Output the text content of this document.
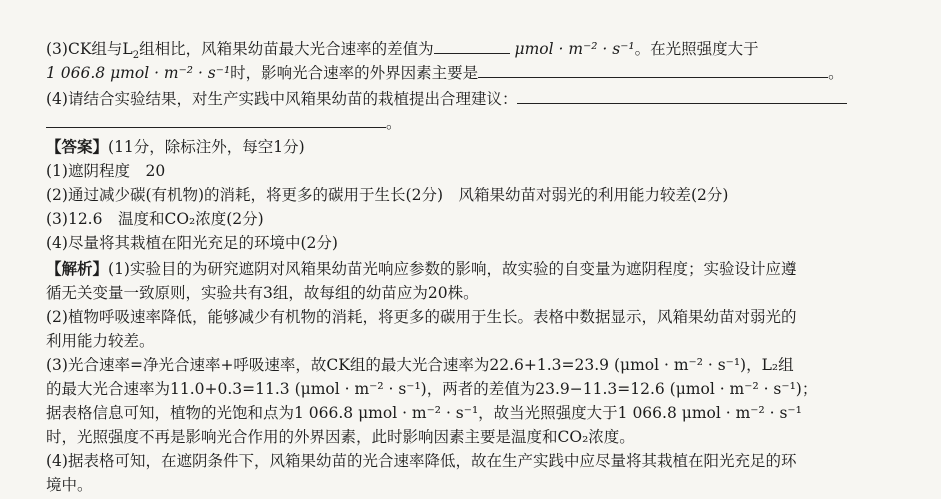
(3)CK组与$L_2$组相比，风箱果幼苗最大光合速率的差值为	μmol · m⁻² · s⁻¹。在光照强度大于
1 066.8 μmol · m⁻² · s⁻¹时，影响光合速率的外界因素主要是	。
(4)请结合实验结果，对生产实践中风箱果幼苗的栽植提出合理建议：
。
【答案】(11分，除标注外，每空1分)
(1)遮阴程度　20
(2)通过减少碳(有机物)的消耗，将更多的碳用于生长(2分)　风箱果幼苗对弱光的利用能力较差(2分)
(3)12.6　温度和CO₂浓度(2分)
(4)尽量将其栽植在阳光充足的环境中(2分)
【解析】(1)实验目的为研究遮阴对风箱果幼苗光响应参数的影响，故实验的自变量为遮阴程度；实验设计应遵
循无关变量一致原则，实验共有3组，故每组的幼苗应为20株。
(2)植物呼吸速率降低，能够减少有机物的消耗，将更多的碳用于生长。表格中数据显示，风箱果幼苗对弱光的
利用能力较差。
(3)光合速率=净光合速率+呼吸速率，故CK组的最大光合速率为22.6+1.3=23.9 (μmol · m⁻² · s⁻¹)，L₂组
的最大光合速率为11.0+0.3=11.3 (μmol · m⁻² · s⁻¹)，两者的差值为23.9−11.3=12.6 (μmol · m⁻² · s⁻¹)；
据表格信息可知，植物的光饱和点为1 066.8 μmol · m⁻² · s⁻¹，故当光照强度大于1 066.8 μmol · m⁻² · s⁻¹
时，光照强度不再是影响光合作用的外界因素，此时影响因素主要是温度和CO₂浓度。
(4)据表格可知，在遮阴条件下，风箱果幼苗的光合速率降低，故在生产实践中应尽量将其栽植在阳光充足的环
境中。
